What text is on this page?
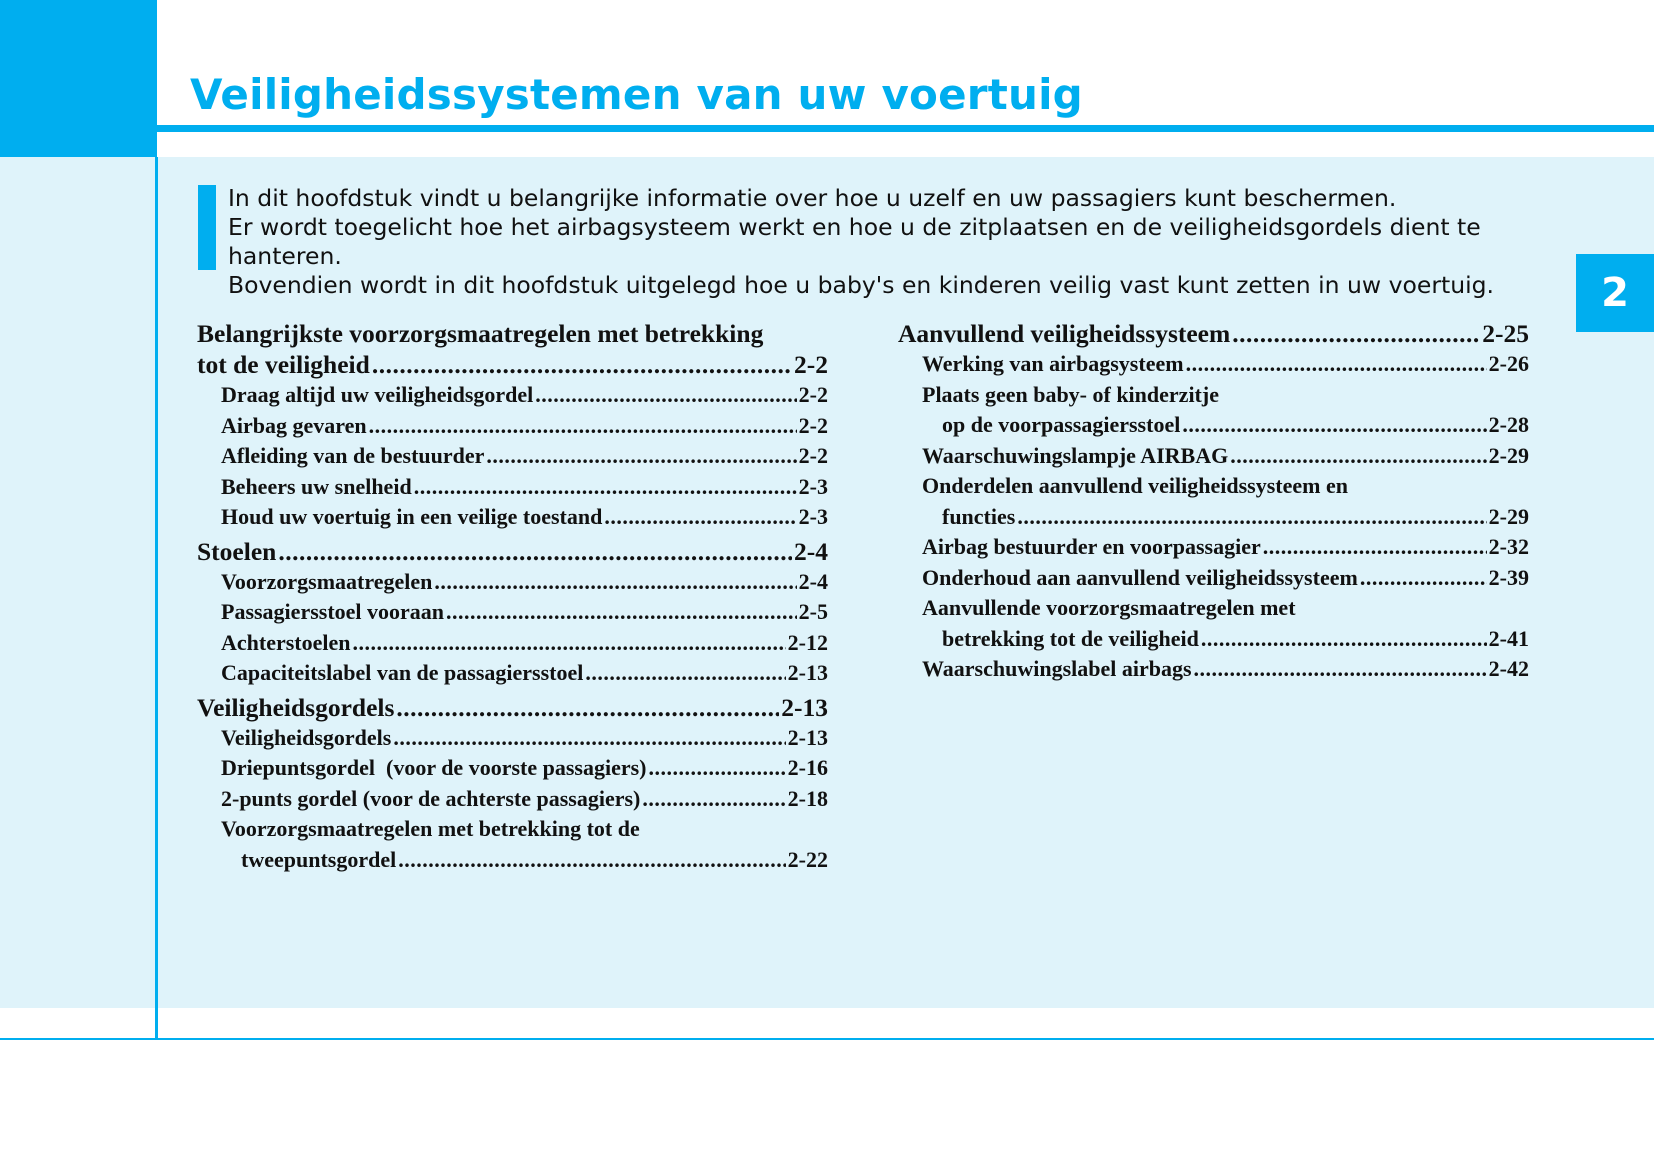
Veiligheidssystemen van uw voertuig
2

In dit hoofdstuk vindt u belangrijke informatie over hoe u uzelf en uw passagiers kunt beschermen.

Er wordt toegelicht hoe het airbagsysteem werkt en hoe u de zitplaatsen en de veiligheidsgordels dient te hanteren.

Bovendien wordt in dit hoofdstuk uitgelegd hoe u baby's en kinderen veilig vast kunt zetten in uw voertuig.

Belangrijkste voorzorgsmaatregelen met betrekking
tot de veiligheid .....	2-2
Draag altijd uw veiligheidsgordel .....	2-2
Airbag gevaren .....	2-2
Afleiding van de bestuurder .....	2-2
Beheers uw snelheid .....	2-3
Houd uw voertuig in een veilige toestand .....	2-3
Stoelen .....	2-4
Voorzorgsmaatregelen .....	2-4
Passagiersstoel vooraan .....	2-5
Achterstoelen .....	2-12
Capaciteitslabel van de passagiersstoel .....	2-13
Veiligheidsgordels .....	2-13
Veiligheidsgordels .....	2-13
Driepuntsgordel  (voor de voorste passagiers) .....	2-16
2-punts gordel (voor de achterste passagiers) .....	2-18
Voorzorgsmaatregelen met betrekking tot de
tweepuntsgordel .....	2-22
Aanvullend veiligheidssysteem .....	2-25
Werking van airbagsysteem .....	2-26
Plaats geen baby- of kinderzitje
op de voorpassagiersstoel .....	2-28
Waarschuwingslampje AIRBAG .....	2-29
Onderdelen aanvullend veiligheidssysteem en
functies .....	2-29
Airbag bestuurder en voorpassagier .....	2-32
Onderhoud aan aanvullend veiligheidssysteem .....	2-39
Aanvullende voorzorgsmaatregelen met
betrekking tot de veiligheid .....	2-41
Waarschuwingslabel airbags .....	2-42
